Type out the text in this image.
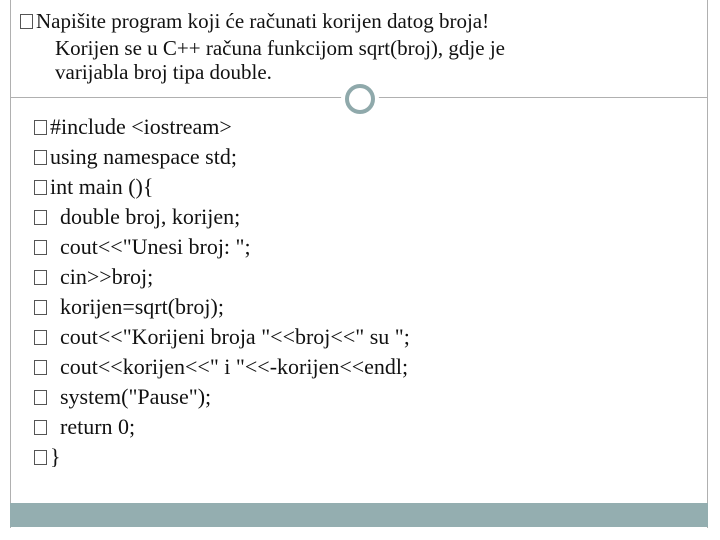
Napišite program koji će računati korijen datog broja!
Korijen se u C++ računa funkcijom sqrt(broj), gdje je
varijabla broj tipa double.
#include <iostream>
using namespace std;
int main (){
double broj, korijen;
cout<<"Unesi broj: ";
cin>>broj;
korijen=sqrt(broj);
cout<<"Korijeni broja "<<broj<<" su ";
cout<<korijen<<" i "<<-korijen<<endl;
system("Pause");
return 0;
}
